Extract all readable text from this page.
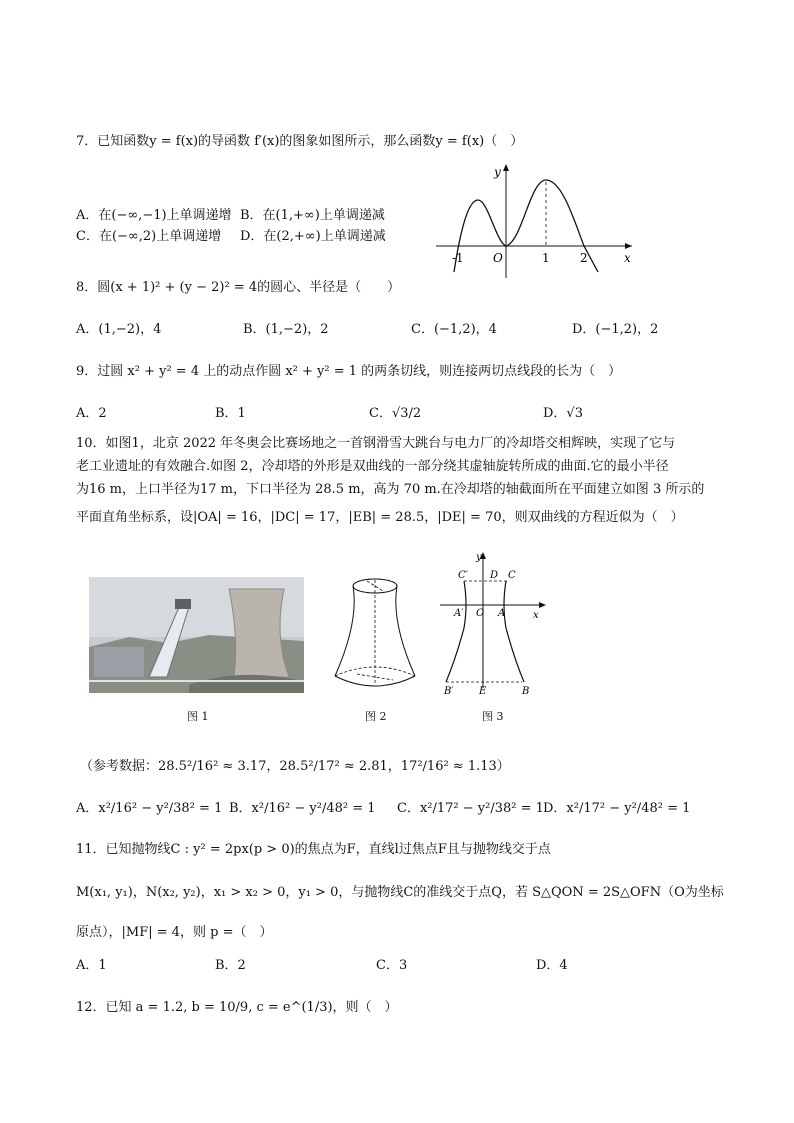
7．已知函数y = f(x)的导函数 f′(x)的图象如图所示，那么函数y = f(x)（　）
A．在(−∞,−1)上单调递增 B．在(1,+∞)上单调递减
C．在(−∞,2)上单调递增 D．在(2,+∞)上单调递减
y
x
O
-1	1	2
8．圆(x + 1)² + (y − 2)² = 4的圆心、半径是（　　）
A．(1,−2)，4	B．(1,−2)，2	C．(−1,2)，4	D．(−1,2)，2
9．过圆 x² + y² = 4 上的动点作圆 x² + y² = 1 的两条切线，则连接两切点线段的长为（　）
A．2	B．1	C．√3/2	D．√3
10．如图1，北京 2022 年冬奥会比赛场地之一首钢滑雪大跳台与电力厂的冷却塔交相辉映，实现了它与
老工业遗址的有效融合.如图 2，冷却塔的外形是双曲线的一部分绕其虚轴旋转所成的曲面.它的最小半径
为16 m，上口半径为17 m，下口半径为 28.5 m，高为 70 m.在冷却塔的轴截面所在平面建立如图 3 所示的
平面直角坐标系，设|OA| = 16，|DC| = 17，|EB| = 28.5，|DE| = 70，则双曲线的方程近似为（　）
图 1	图 2
y
x
C′ D C
A′ O A
B′	E	B
图 3
（参考数据：28.5²/16² ≈ 3.17，28.5²/17² ≈ 2.81，17²/16² ≈ 1.13）
A．x²/16² − y²/38² = 1 B．x²/16² − y²/48² = 1 C．x²/17² − y²/38² = 1 D．x²/17² − y²/48² = 1
11．已知抛物线C : y² = 2px(p > 0)的焦点为F，直线l过焦点F且与抛物线交于点
M(x₁, y₁)，N(x₂, y₂)，x₁ > x₂ > 0，y₁ > 0，与抛物线C的准线交于点Q，若 S△QON = 2S△OFN（O为坐标
原点），|MF| = 4，则 p =（　）
A．1	B．2	C．3	D．4
12．已知 a = 1.2, b = 10/9, c = e^(1/3)，则（　）
